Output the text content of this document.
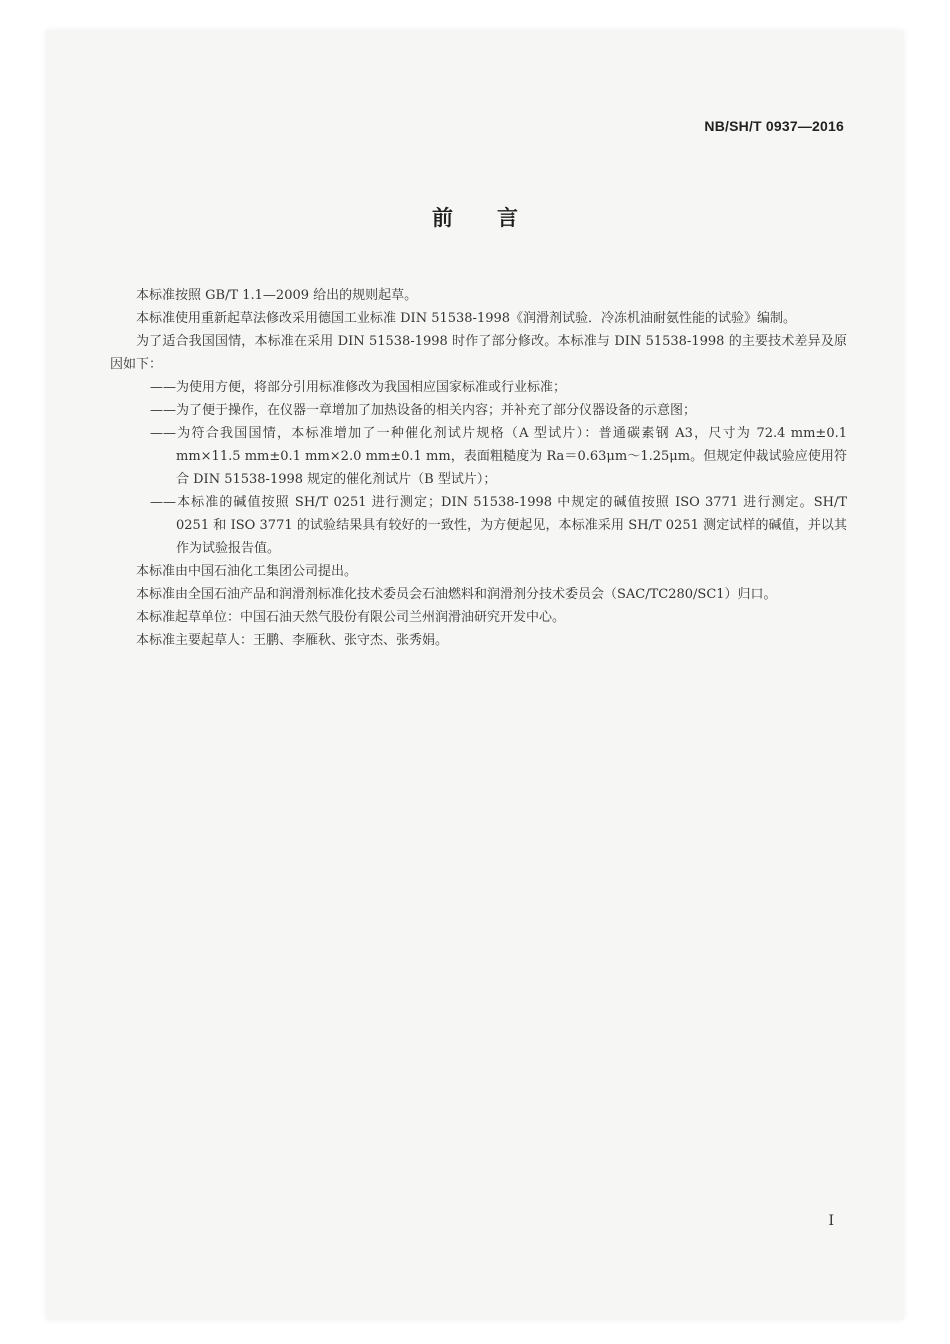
NB/SH/T 0937—2016
前言

本标准按照 GB/T 1.1—2009 给出的规则起草。

本标准使用重新起草法修改采用德国工业标准 DIN 51538-1998《润滑剂试验．冷冻机油耐氨性能的试验》编制。

为了适合我国国情，本标准在采用 DIN 51538-1998 时作了部分修改。本标准与 DIN 51538-1998 的主要技术差异及原因如下：

——为使用方便，将部分引用标准修改为我国相应国家标准或行业标准；

——为了便于操作，在仪器一章增加了加热设备的相关内容；并补充了部分仪器设备的示意图；

——为符合我国国情，本标准增加了一种催化剂试片规格（A 型试片）：普通碳素钢 A3，尺寸为 72.4 mm±0.1 mm×11.5 mm±0.1 mm×2.0 mm±0.1 mm，表面粗糙度为 Ra＝0.63μm～1.25μm。但规定仲裁试验应使用符合 DIN 51538-1998 规定的催化剂试片（B 型试片）；

——本标准的碱值按照 SH/T 0251 进行测定；DIN 51538-1998 中规定的碱值按照 ISO 3771 进行测定。SH/T 0251 和 ISO 3771 的试验结果具有较好的一致性，为方便起见，本标准采用 SH/T 0251 测定试样的碱值，并以其作为试验报告值。

本标准由中国石油化工集团公司提出。

本标准由全国石油产品和润滑剂标准化技术委员会石油燃料和润滑剂分技术委员会（SAC/TC280/SC1）归口。

本标准起草单位：中国石油天然气股份有限公司兰州润滑油研究开发中心。

本标准主要起草人：王鹏、李雁秋、张守杰、张秀娟。

I
